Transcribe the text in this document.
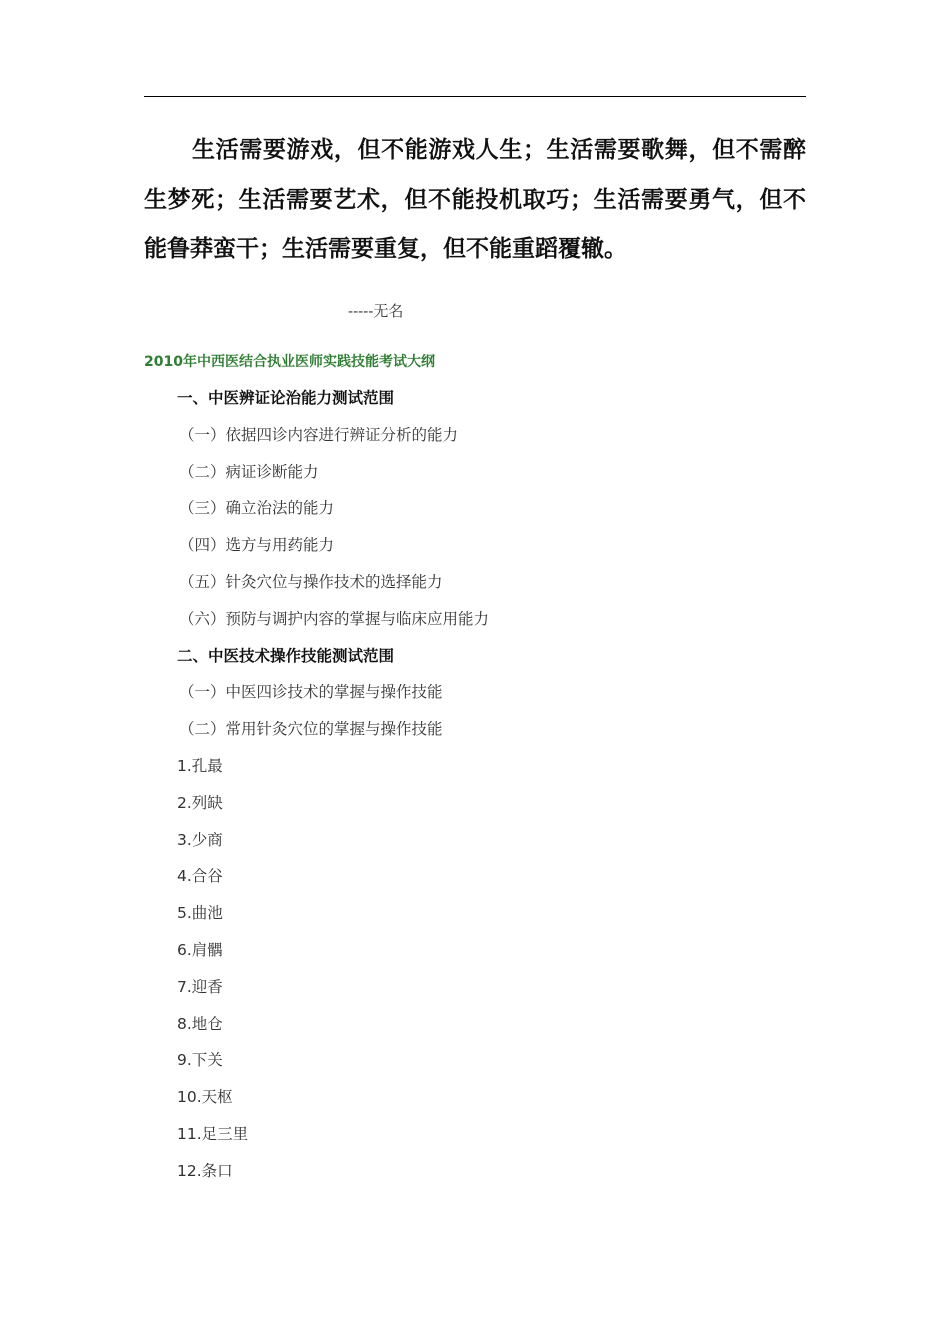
生活需要游戏，但不能游戏人生；生活需要歌舞，但不需醉生梦死；生活需要艺术，但不能投机取巧；生活需要勇气，但不能鲁莽蛮干；生活需要重复，但不能重蹈覆辙。
-----无名
2010年中西医结合执业医师实践技能考试大纲
一、中医辨证论治能力测试范围
（一）依据四诊内容进行辨证分析的能力
（二）病证诊断能力
（三）确立治法的能力
（四）选方与用药能力
（五）针灸穴位与操作技术的选择能力
（六）预防与调护内容的掌握与临床应用能力
二、中医技术操作技能测试范围
（一）中医四诊技术的掌握与操作技能
（二）常用针灸穴位的掌握与操作技能
1.孔最
2.列缺
3.少商
4.合谷
5.曲池
6.肩髃
7.迎香
8.地仓
9.下关
10.天枢
11.足三里
12.条口
